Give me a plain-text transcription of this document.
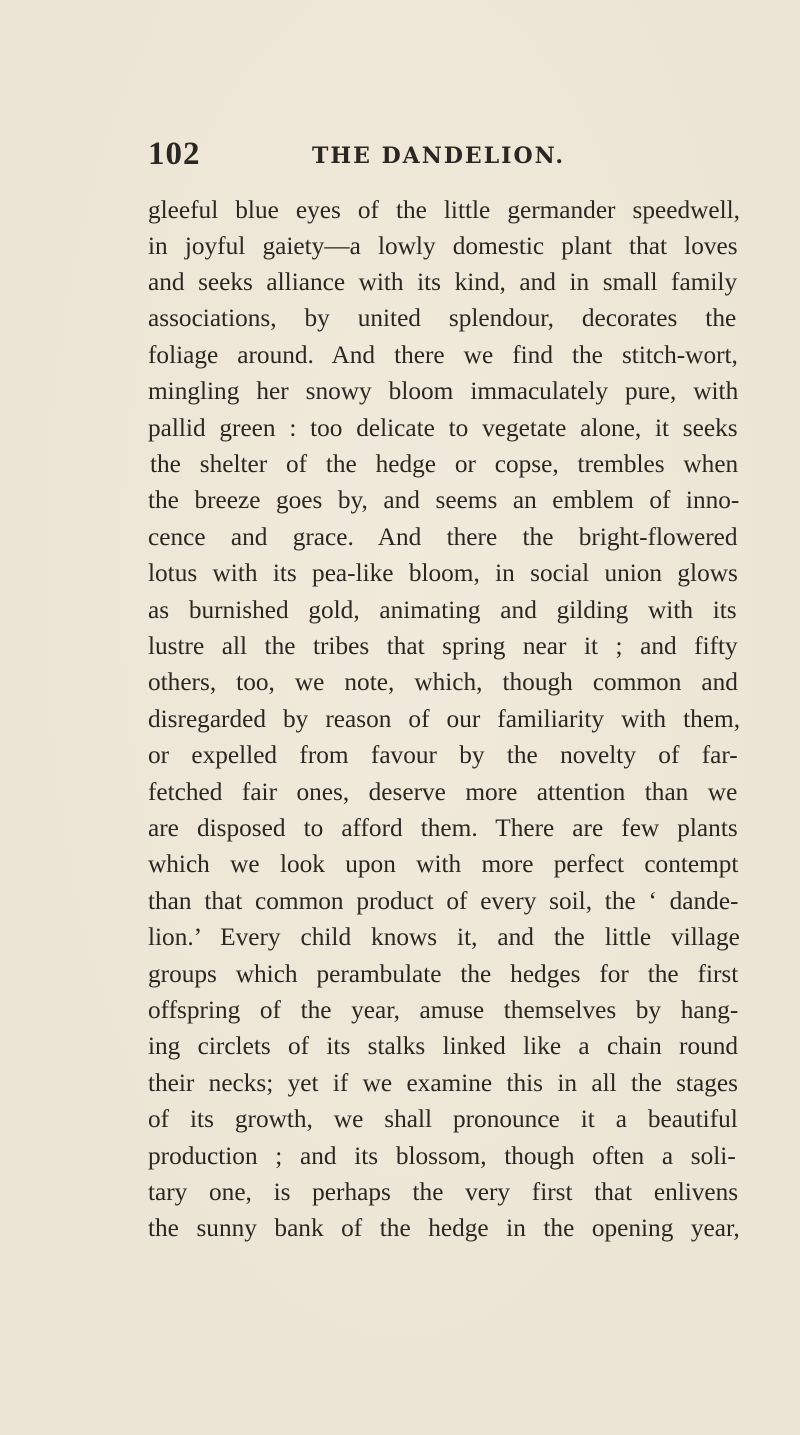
102	THE DANDELION.
gleeful blue eyes of the little germander speedwell,
in joyful gaiety—a lowly domestic plant that loves
and seeks alliance with its kind, and in small family
associations, by united splendour, decorates the
foliage around. And there we find the stitch-wort,
mingling her snowy bloom immaculately pure, with
pallid green : too delicate to vegetate alone, it seeks
the shelter of the hedge or copse, trembles when
the breeze goes by, and seems an emblem of inno-
cence and grace. And there the bright-flowered
lotus with its pea-like bloom, in social union glows
as burnished gold, animating and gilding with its
lustre all the tribes that spring near it ; and fifty
others, too, we note, which, though common and
disregarded by reason of our familiarity with them,
or expelled from favour by the novelty of far-
fetched fair ones, deserve more attention than we
are disposed to afford them. There are few plants
which we look upon with more perfect contempt
than that common product of every soil, the ‘ dande-
lion.’ Every child knows it, and the little village
groups which perambulate the hedges for the first
offspring of the year, amuse themselves by hang-
ing circlets of its stalks linked like a chain round
their necks; yet if we examine this in all the stages
of its growth, we shall pronounce it a beautiful
production ; and its blossom, though often a soli-
tary one, is perhaps the very first that enlivens
the sunny bank of the hedge in the opening year,
